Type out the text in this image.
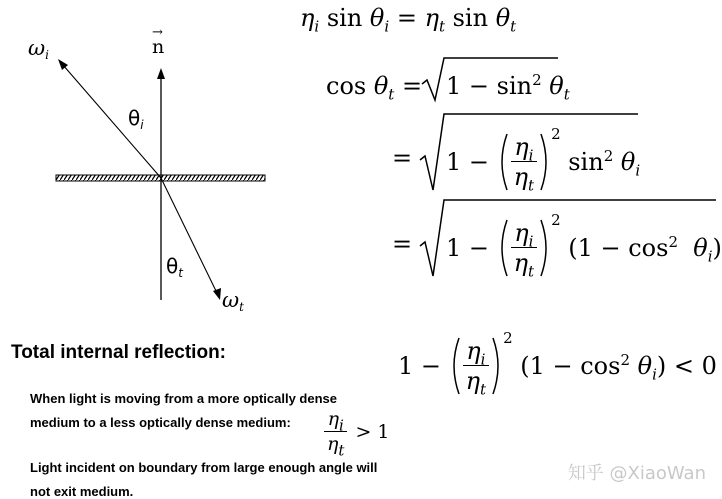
$\omega_i$	n
→
$\theta_i$
$\theta_t$
$\omega_t$
$\eta_i$ $\sin \theta_i = \eta_t$ $\sin \theta_t$
$\cos \theta_t = 1 - \sin^2 \theta_t$
= $1 - \frac{\eta_i}{\eta_t}$
2
$\sin^2 \theta_i$
= $1 - \frac{\eta_i}{\eta_t}$
2
$(1 - \cos^2 \theta_i)$
Total internal reflection:	$1 - \frac{\eta_i}{\eta_t}$
2
$(1 - \cos^2 \theta_i) < 0$
When light is moving from a more optically dense
medium to a less optically dense medium: $\frac{\eta_i}{\eta_t} > 1$
Light incident on boundary from large enough angle will
not exit medium.
知乎 @XiaoWan
